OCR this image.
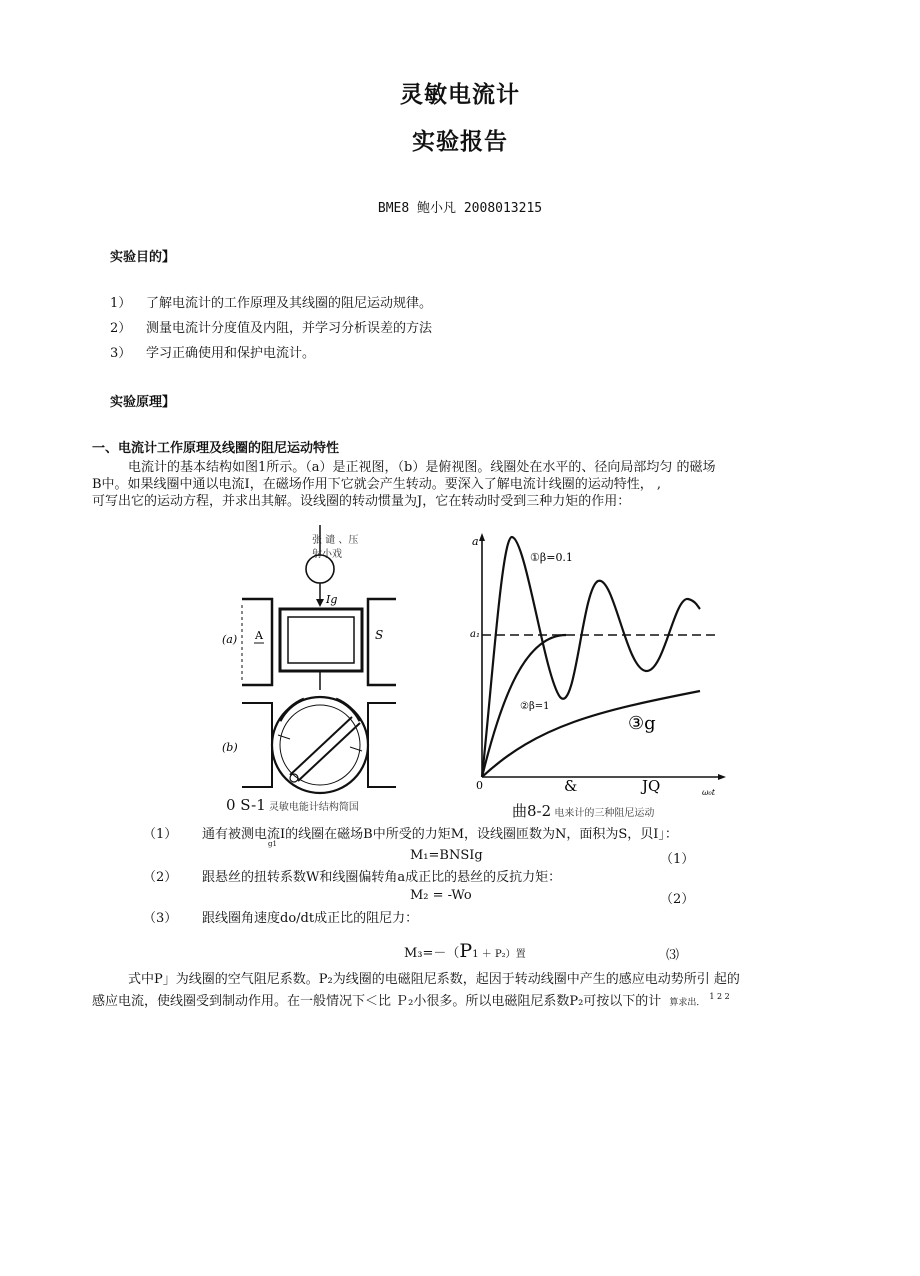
灵敏电流计
实验报告
BME8 鲍小凡 2008013215
实验目的】
1） 了解电流计的工作原理及其线圈的阻尼运动规律。
2） 测量电流计分度值及内阻，并学习分析误差的方法
3） 学习正确使用和保护电流计。
实验原理】
一、电流计工作原理及线圈的阻尼运动特性
电流计的基本结构如图1所示。（a）是正视图，（b）是俯视图。线圈处在水平的、径向局部均匀 的磁场
B中。如果线圈中通以电流I，在磁场作用下它就会产生转动。要深入了解电流计线圈的运动特性， ,
可写出它的运动方程，并求出其解。设线圈的转动惯量为J，它在转动时受到三种力矩的作用：
张 谴 、压
射小戏
Ig
A
(a)	S
(b)
0 S-1 灵敏电能计结构简国
a
a₁
0
①β=0.1
②β=1
③g
&	JQ	ω₀t
曲8-2 电来计的三种阻尼运动
（1） 通有被测电流I的线圈在磁场B中所受的力矩M，设线圈匝数为N，面积为S，贝I」：
g1
M₁=BNSIg	（1）
（2） 跟悬丝的扭转系数W和线圈偏转角a成正比的悬丝的反抗力矩：
M₂ = -Wo	（2）
（3） 跟线圈角速度do/dt成正比的阻尼力：
M₃=－（P1 ＋ P₂）置	⑶
式中P」为线圈的空气阻尼系数。P₂为线圈的电磁阻尼系数，起因于转动线圈中产生的感应电动势所引 起的
感应电流，使线圈受到制动作用。在一般情况下＜比 Ｐ₂小很多。所以电磁阻尼系数P₂可按以下的计 算求出．$^{1 2 2}$
